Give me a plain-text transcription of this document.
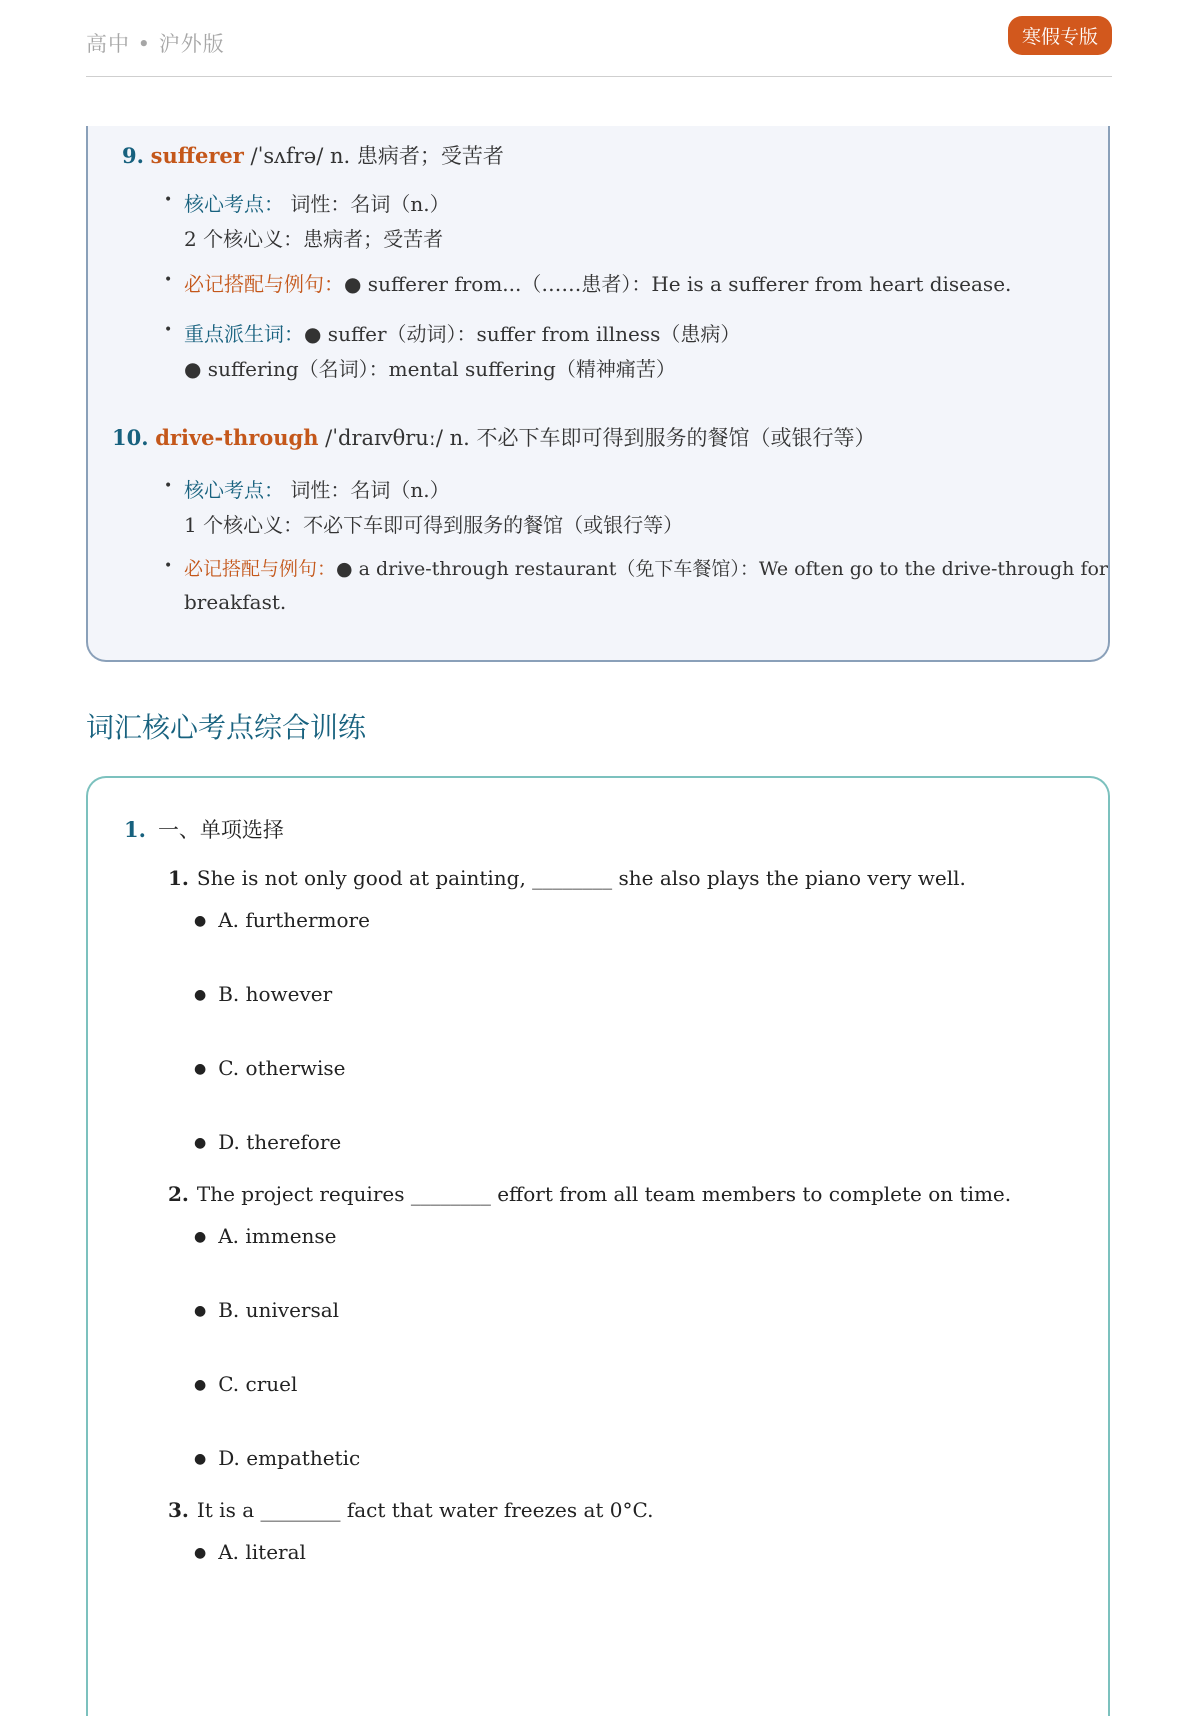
高中 • 沪外版	寒假专版
9. sufferer /ˈsʌfrə/ n. 患病者；受苦者
• 核心考点： 词性：名词（n.）
2 个核心义：患病者；受苦者
• 必记搭配与例句：● sufferer from...（……患者）：He is a sufferer from heart disease.
• 重点派生词：● suffer（动词）：suffer from illness（患病）
● suffering（名词）：mental suffering（精神痛苦）
10. drive-through /ˈdraɪvθruː/ n. 不必下车即可得到服务的餐馆（或银行等）
• 核心考点： 词性：名词（n.）
1 个核心义：不必下车即可得到服务的餐馆（或银行等）
• 必记搭配与例句：● a drive-through restaurant（免下车餐馆）：We often go to the drive-through for
breakfast.
词汇核心考点综合训练
1. 一、单项选择
1. She is not only good at painting, ________ she also plays the piano very well.
● A. furthermore
● B. however
● C. otherwise
● D. therefore
2. The project requires ________ effort from all team members to complete on time.
● A. immense
● B. universal
● C. cruel
● D. empathetic
3. It is a ________ fact that water freezes at 0°C.
● A. literal
